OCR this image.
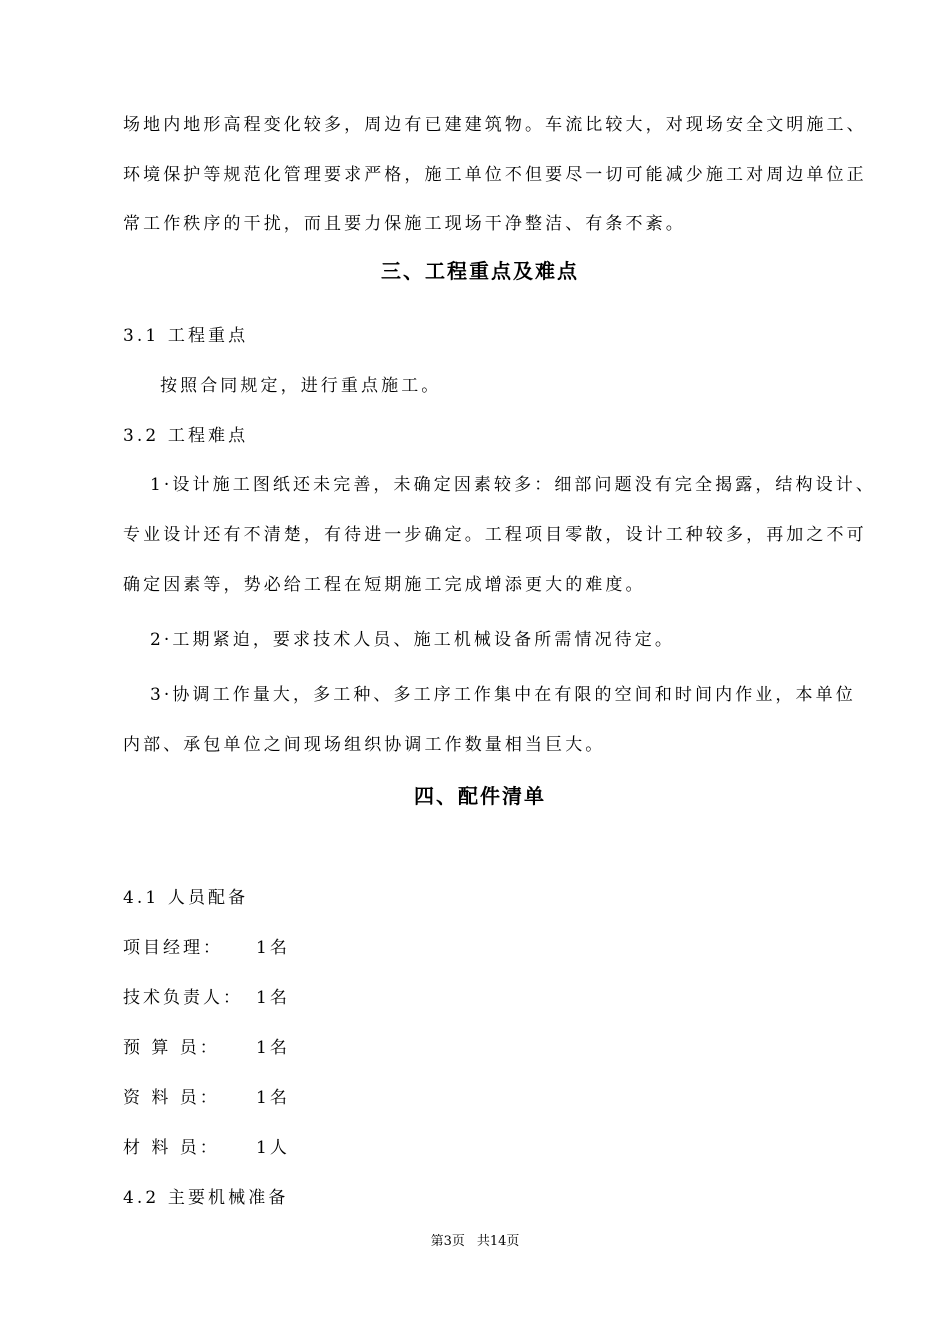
场地内地形高程变化较多，周边有已建建筑物。车流比较大，对现场安全文明施工、

环境保护等规范化管理要求严格，施工单位不但要尽一切可能减少施工对周边单位正

常工作秩序的干扰，而且要力保施工现场干净整洁、有条不紊。

三、工程重点及难点

3.1 工程重点

按照合同规定，进行重点施工。

3.2 工程难点

1·设计施工图纸还未完善，未确定因素较多：细部问题没有完全揭露，结构设计、

专业设计还有不清楚，有待进一步确定。工程项目零散，设计工种较多，再加之不可

确定因素等，势必给工程在短期施工完成增添更大的难度。

2·工期紧迫，要求技术人员、施工机械设备所需情况待定。

3·协调工作量大，多工种、多工序工作集中在有限的空间和时间内作业，本单位

内部、承包单位之间现场组织协调工作数量相当巨大。

四、配件清单

4.1 人员配备

项目经理： 1名
技术负责人： 1名
预 算 员： 1名
资 料 员： 1名
材 料 员： 1人

4.2 主要机械准备

第3页 共14页
